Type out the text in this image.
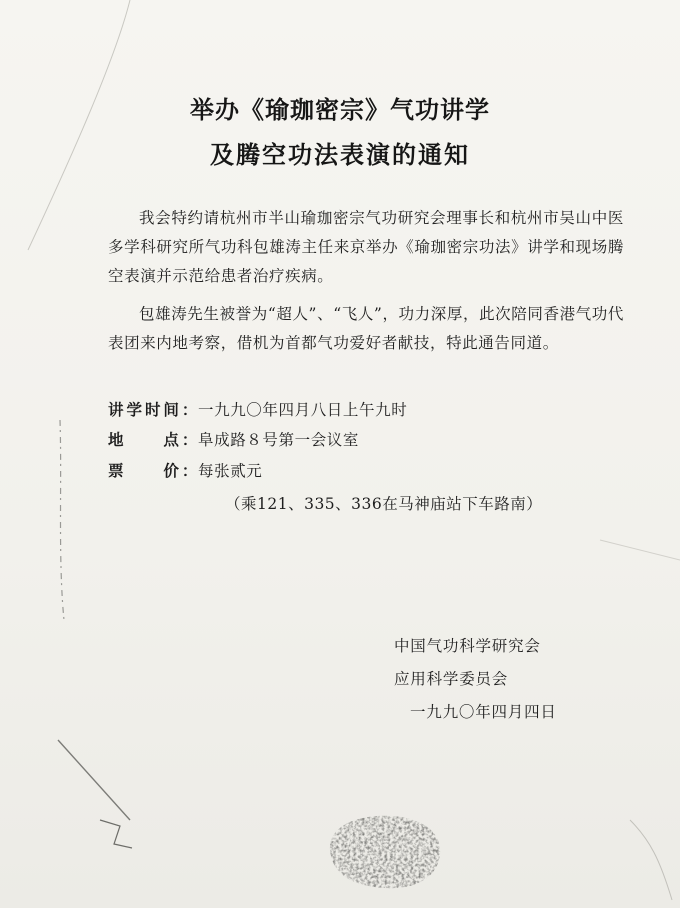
举办《瑜珈密宗》气功讲学
及腾空功法表演的通知

我会特约请杭州市半山瑜珈密宗气功研究会理事长和杭州市吴山中医多学科研究所气功科包雄涛主任来京举办《瑜珈密宗功法》讲学和现场腾空表演并示范给患者治疗疾病。

包雄涛先生被誉为“超人”、“飞人”，功力深厚，此次陪同香港气功代表团来内地考察，借机为首都气功爱好者献技，特此通告同道。

讲学时间：一九九〇年四月八日上午九时
地　　点：阜成路８号第一会议室
票　　价：每张贰元
（乘121、335、336在马神庙站下车路南）
中国气功科学研究会
应用科学委员会
一九九〇年四月四日
